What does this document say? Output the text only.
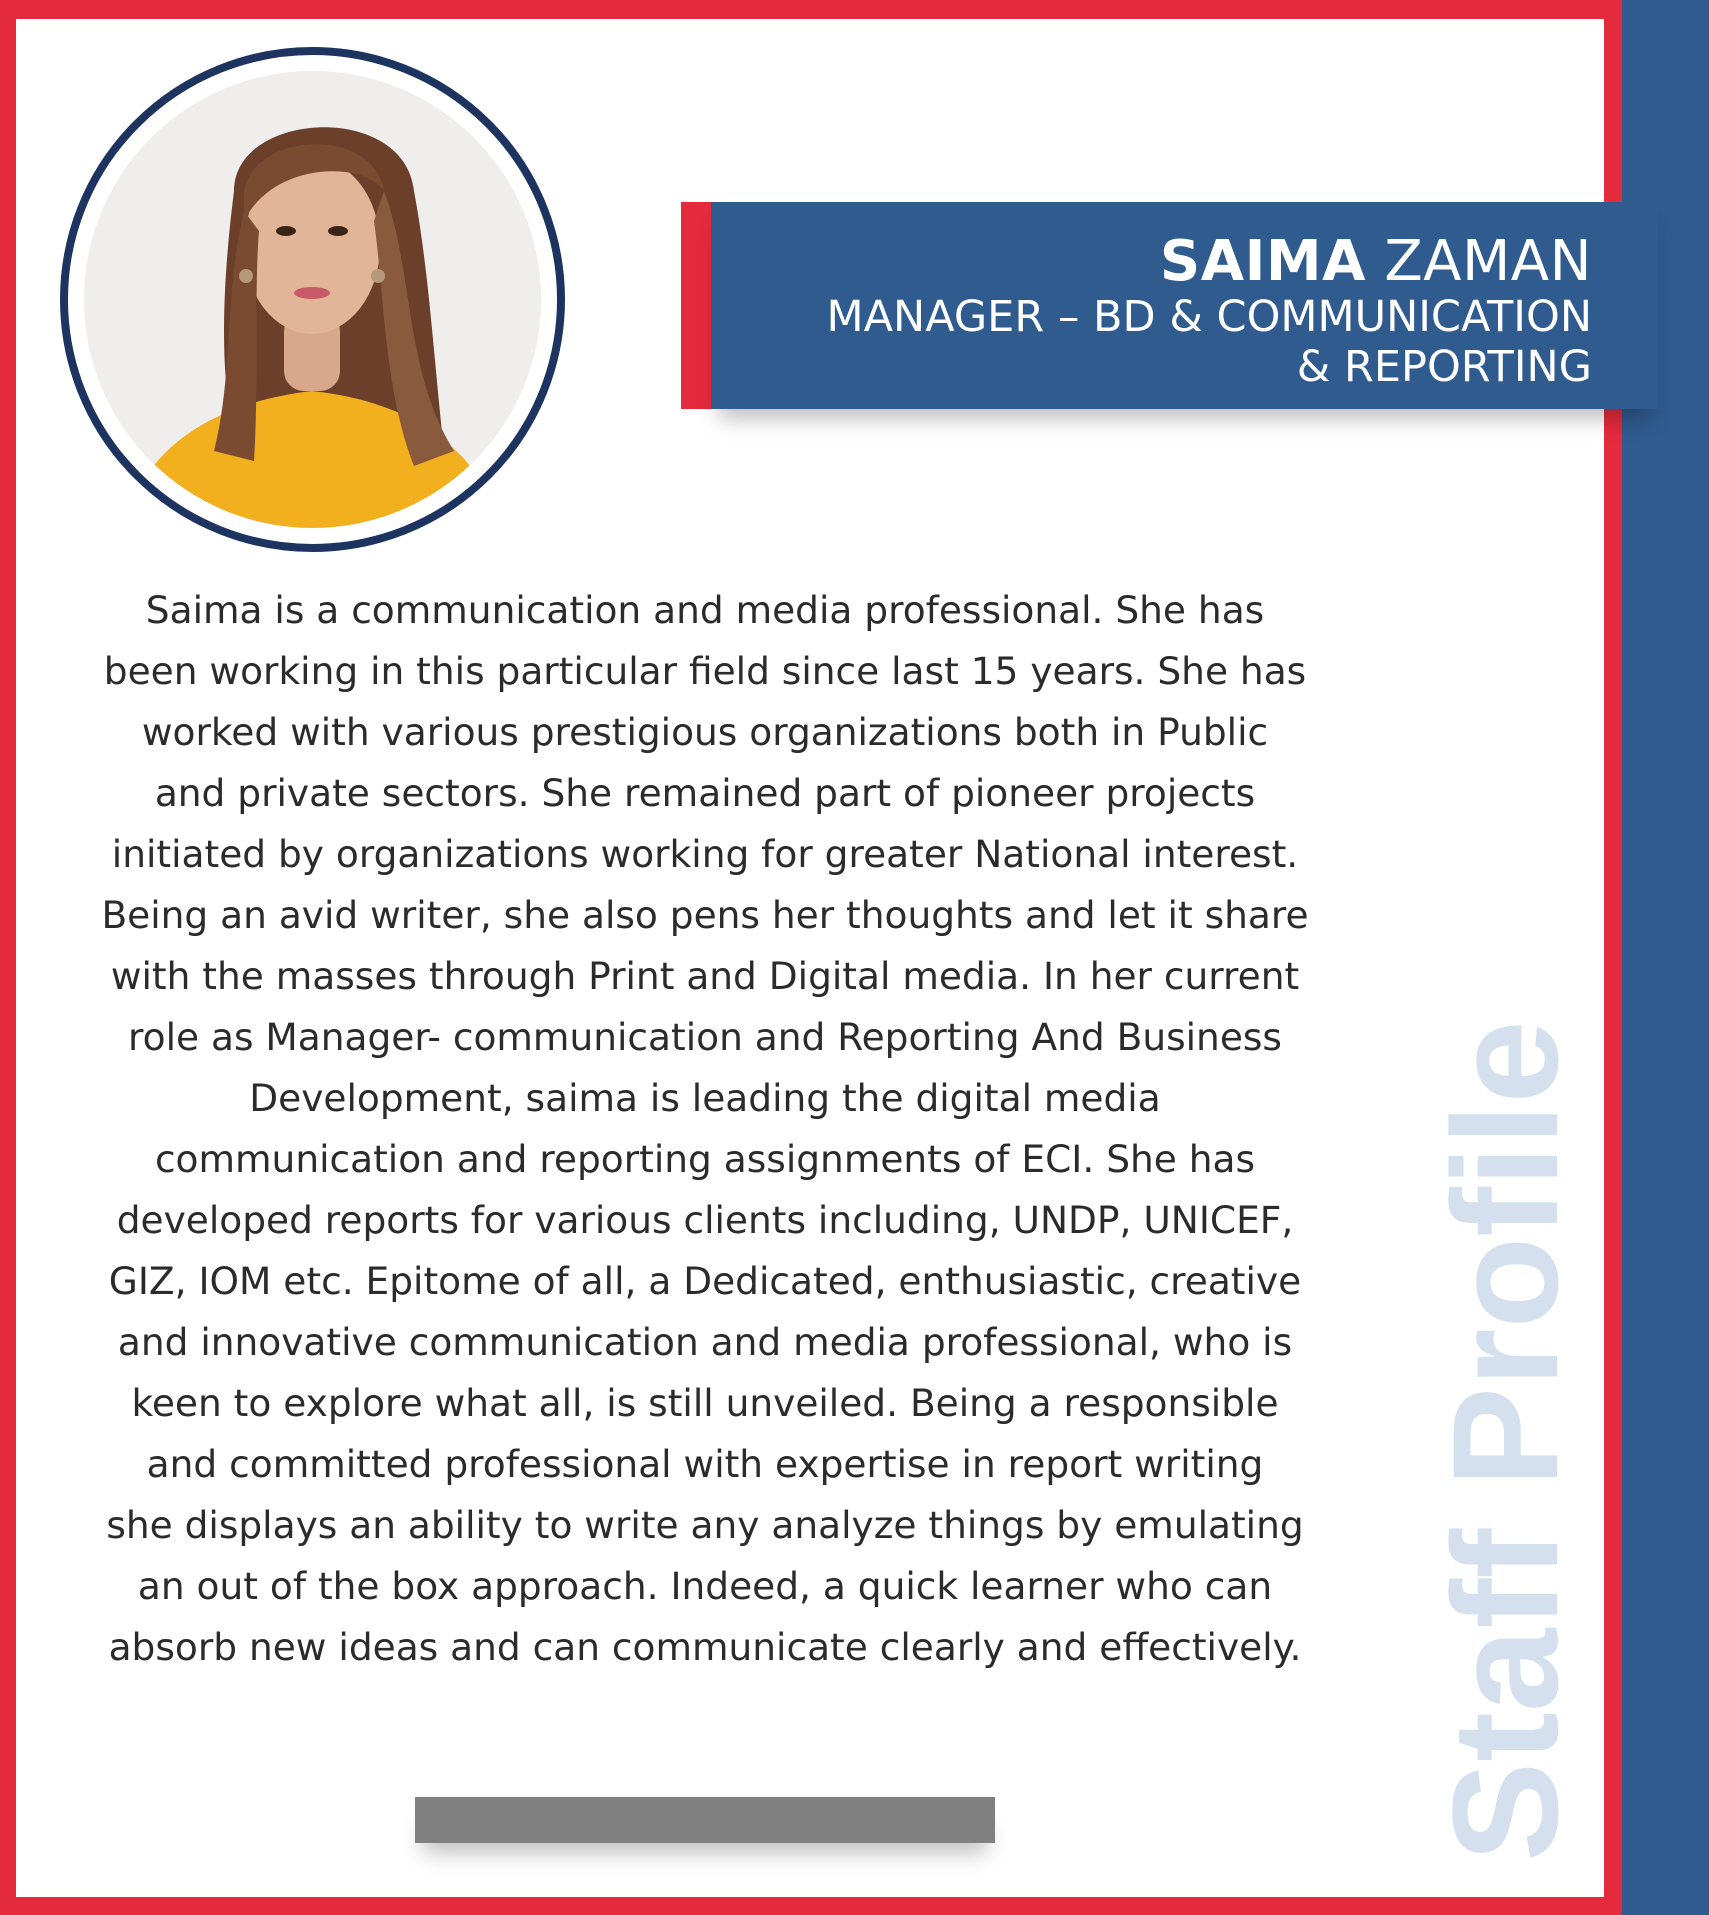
SAIMA ZAMAN
MANAGER – BD & COMMUNICATION
& REPORTING
Saima is a communication and media professional. She has
been working in this particular field since last 15 years. She has
worked with various prestigious organizations both in Public
and private sectors. She remained part of pioneer projects
initiated by organizations working for greater National interest.
Being an avid writer, she also pens her thoughts and let it share
with the masses through Print and Digital media. In her current
role as Manager- communication and Reporting And Business
Development, saima is leading the digital media
communication and reporting assignments of ECI. She has
developed reports for various clients including, UNDP, UNICEF,
GIZ, IOM etc. Epitome of all, a Dedicated, enthusiastic, creative
and innovative communication and media professional, who is
keen to explore what all, is still unveiled. Being a responsible
and committed professional with expertise in report writing
she displays an ability to write any analyze things by emulating
an out of the box approach. Indeed, a quick learner who can
absorb new ideas and can communicate clearly and effectively. Staff Profile
